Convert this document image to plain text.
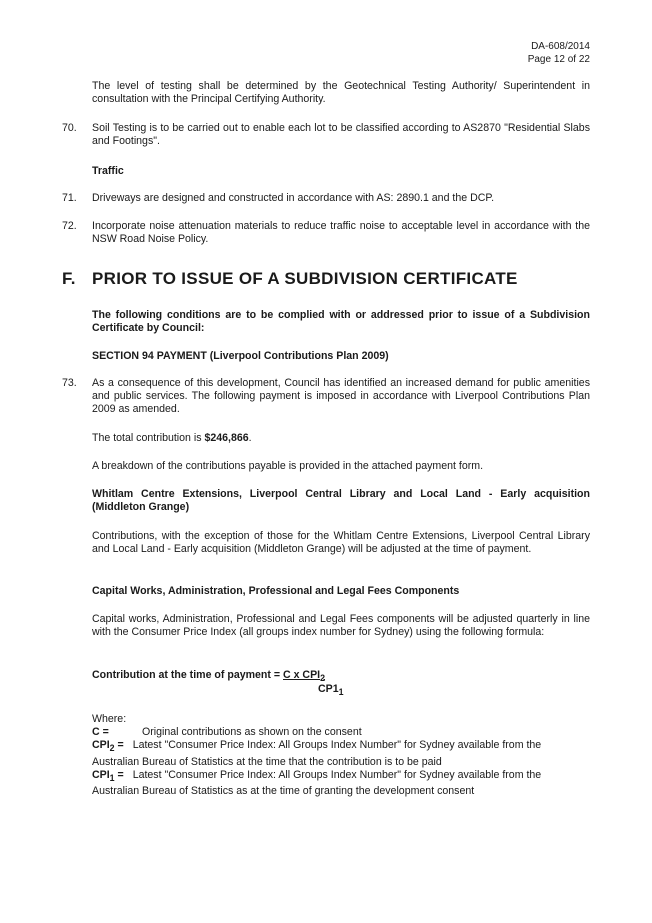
DA-608/2014
Page 12 of 22
The level of testing shall be determined by the Geotechnical Testing Authority/ Superintendent in consultation with the Principal Certifying Authority.
70. Soil Testing is to be carried out to enable each lot to be classified according to AS2870 "Residential Slabs and Footings".
Traffic
71. Driveways are designed and constructed in accordance with AS: 2890.1 and the DCP.
72. Incorporate noise attenuation materials to reduce traffic noise to acceptable level in accordance with the NSW Road Noise Policy.
F. PRIOR TO ISSUE OF A SUBDIVISION CERTIFICATE
The following conditions are to be complied with or addressed prior to issue of a Subdivision Certificate by Council:
SECTION 94 PAYMENT (Liverpool Contributions Plan 2009)
73. As a consequence of this development, Council has identified an increased demand for public amenities and public services. The following payment is imposed in accordance with Liverpool Contributions Plan 2009 as amended.
The total contribution is $246,866.
A breakdown of the contributions payable is provided in the attached payment form.
Whitlam Centre Extensions, Liverpool Central Library and Local Land - Early acquisition (Middleton Grange)
Contributions, with the exception of those for the Whitlam Centre Extensions, Liverpool Central Library and Local Land - Early acquisition (Middleton Grange) will be adjusted at the time of payment.
Capital Works, Administration, Professional and Legal Fees Components
Capital works, Administration, Professional and Legal Fees components will be adjusted quarterly in line with the Consumer Price Index (all groups index number for Sydney) using the following formula:
Contribution at the time of payment = C x $CPI_2$
$CP1_1$
Where:
C =	Original contributions as shown on the consent
$CPI_2$ = Latest "Consumer Price Index: All Groups Index Number" for Sydney available from the Australian Bureau of Statistics at the time that the contribution is to be paid
$CPI_1$ = Latest "Consumer Price Index: All Groups Index Number" for Sydney available from the Australian Bureau of Statistics as at the time of granting the development consent
